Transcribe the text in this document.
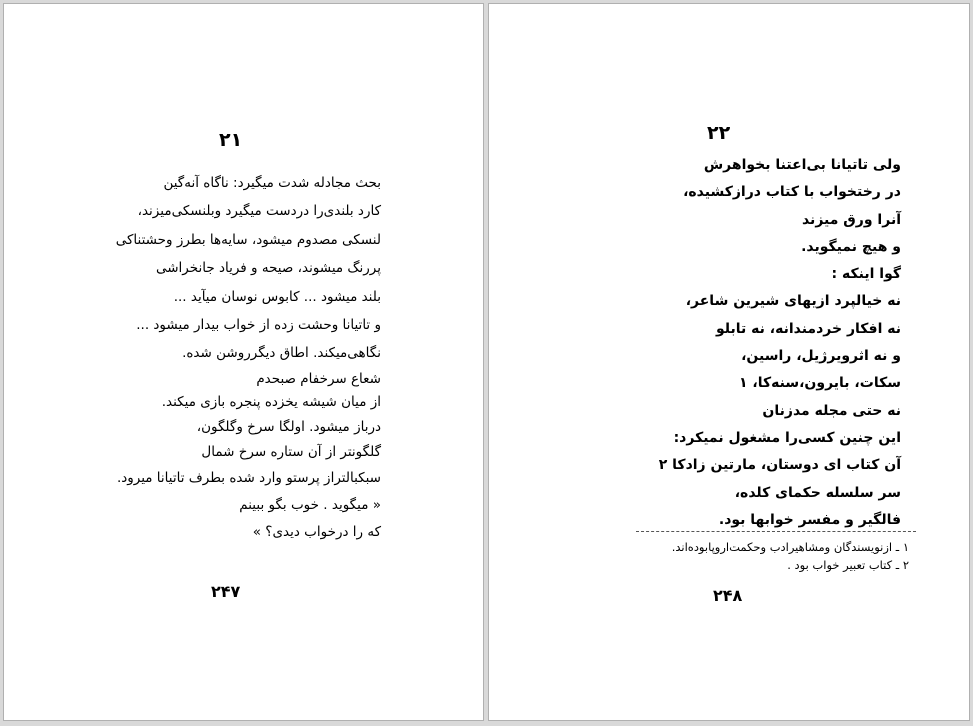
۲۱
بحث مجادله شدت میگیرد: ناگاه آنه‌گین
کارد بلندی‌را دردست میگیرد وبلنسکی‌میزند،
لنسکی مصدوم میشود، سایه‌ها بطرز وحشتناکی
پررنگ میشوند، صیحه و فریاد جانخراشی
بلند میشود ... کابوس نوسان میآید ...
و تاتیانا وحشت زده از خواب بیدار میشود ...
نگاهی‌میکند. اطاق دیگرروشن شده.
شعاع سرخفام صبحدم
از میان شیشه یخزده پنجره بازی میکند.
درباز میشود. اولگا سرخ وگلگون،
گلگونتر از آن ستاره سرخ شمال
سبکبالتراز پرستو وارد شده بطرف تاتیانا میرود.
« میگوید . خوب بگو ببینم
که را درخواب دیدی؟ »
۲۴۷
۲۲
ولی تاتیانا بی‌اعتنا بخواهرش
در رختخواب با کتاب درازکشیده،
آنرا ورق میزند
و هیچ نمیگوید.
گوا اینکه :
نه خیالپرد ازیهای شیرین شاعر،
نه افکار خردمندانه، نه تابلو
و نه اثرویرژیل، راسین،
سکات، بایرون،سنه‌کا، ۱
نه حتی مجله مدزنان
این چنین کسی‌را مشغول نمیکرد:
آن کتاب ای دوستان، مارتین زادکا ۲
سر سلسله حکمای کلده،
فالگیر و مفسر خوابها بود.
۱ ـ ازنویسندگان ومشاهیرادب وحکمت‌اروپابوده‌اند.
۲ ـ کتاب تعبیر خواب بود .
۲۴۸
